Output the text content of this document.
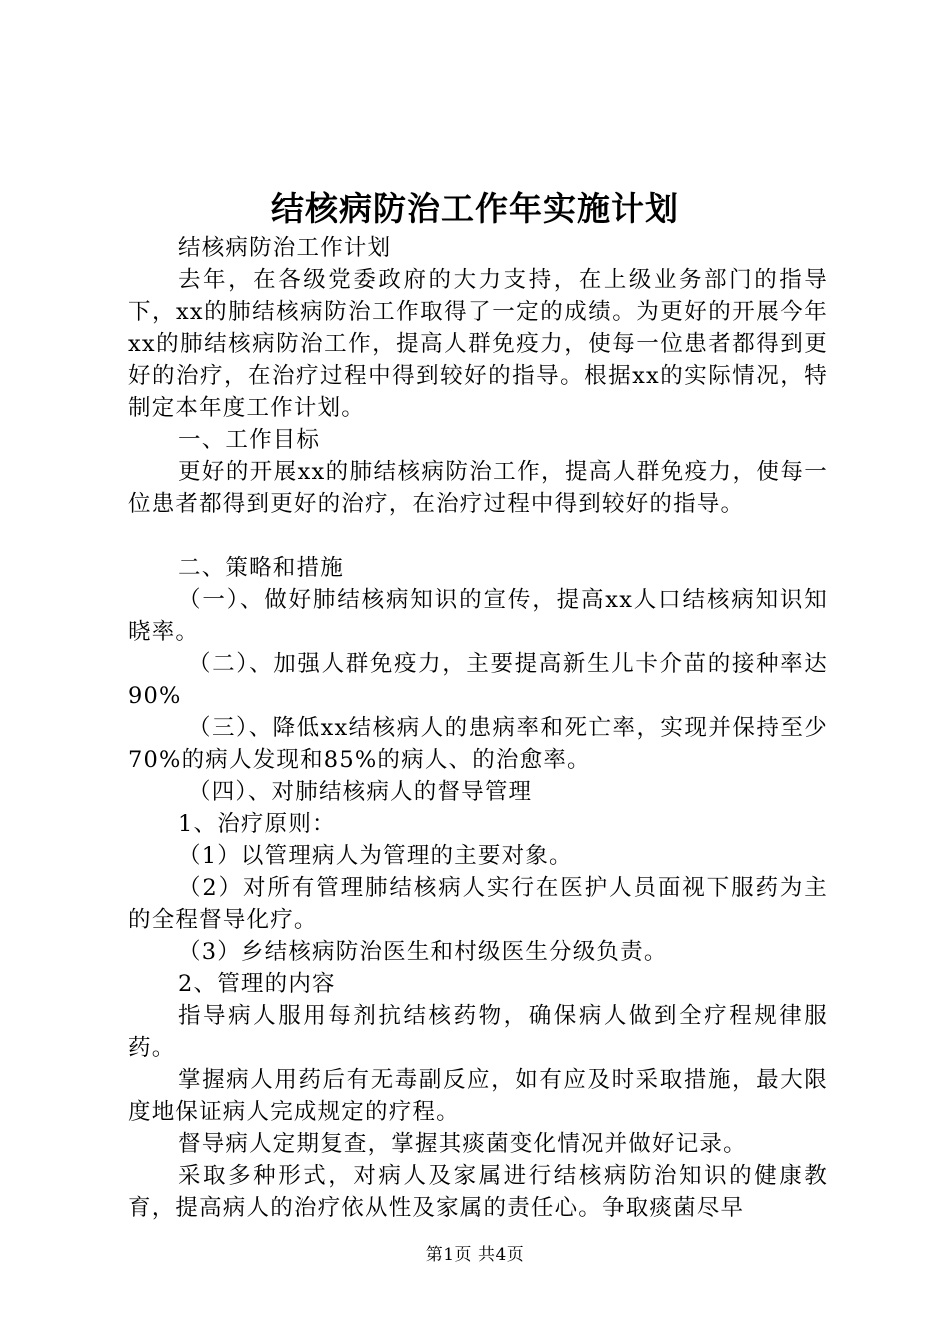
结核病防治工作年实施计划

结核病防治工作计划

去年，在各级党委政府的大力支持，在上级业务部门的指导下，xx的肺结核病防治工作取得了一定的成绩。为更好的开展今年xx的肺结核病防治工作，提高人群免疫力，使每一位患者都得到更好的治疗，在治疗过程中得到较好的指导。根据xx的实际情况，特制定本年度工作计划。

一、工作目标

更好的开展xx的肺结核病防治工作，提高人群免疫力，使每一位患者都得到更好的治疗，在治疗过程中得到较好的指导。

二、策略和措施

（一）、做好肺结核病知识的宣传，提高xx人口结核病知识知晓率。

（二）、加强人群免疫力，主要提高新生儿卡介苗的接种率达90%

（三）、降低xx结核病人的患病率和死亡率，实现并保持至少70%的病人发现和85%的病人、的治愈率。

（四）、对肺结核病人的督导管理

1、治疗原则：

（1）以管理病人为管理的主要对象。

（2）对所有管理肺结核病人实行在医护人员面视下服药为主的全程督导化疗。

（3）乡结核病防治医生和村级医生分级负责。

2、管理的内容

指导病人服用每剂抗结核药物，确保病人做到全疗程规律服药。

掌握病人用药后有无毒副反应，如有应及时采取措施，最大限度地保证病人完成规定的疗程。

督导病人定期复查，掌握其痰菌变化情况并做好记录。

采取多种形式，对病人及家属进行结核病防治知识的健康教育，提高病人的治疗依从性及家属的责任心。争取痰菌尽早

第1页 共4页
